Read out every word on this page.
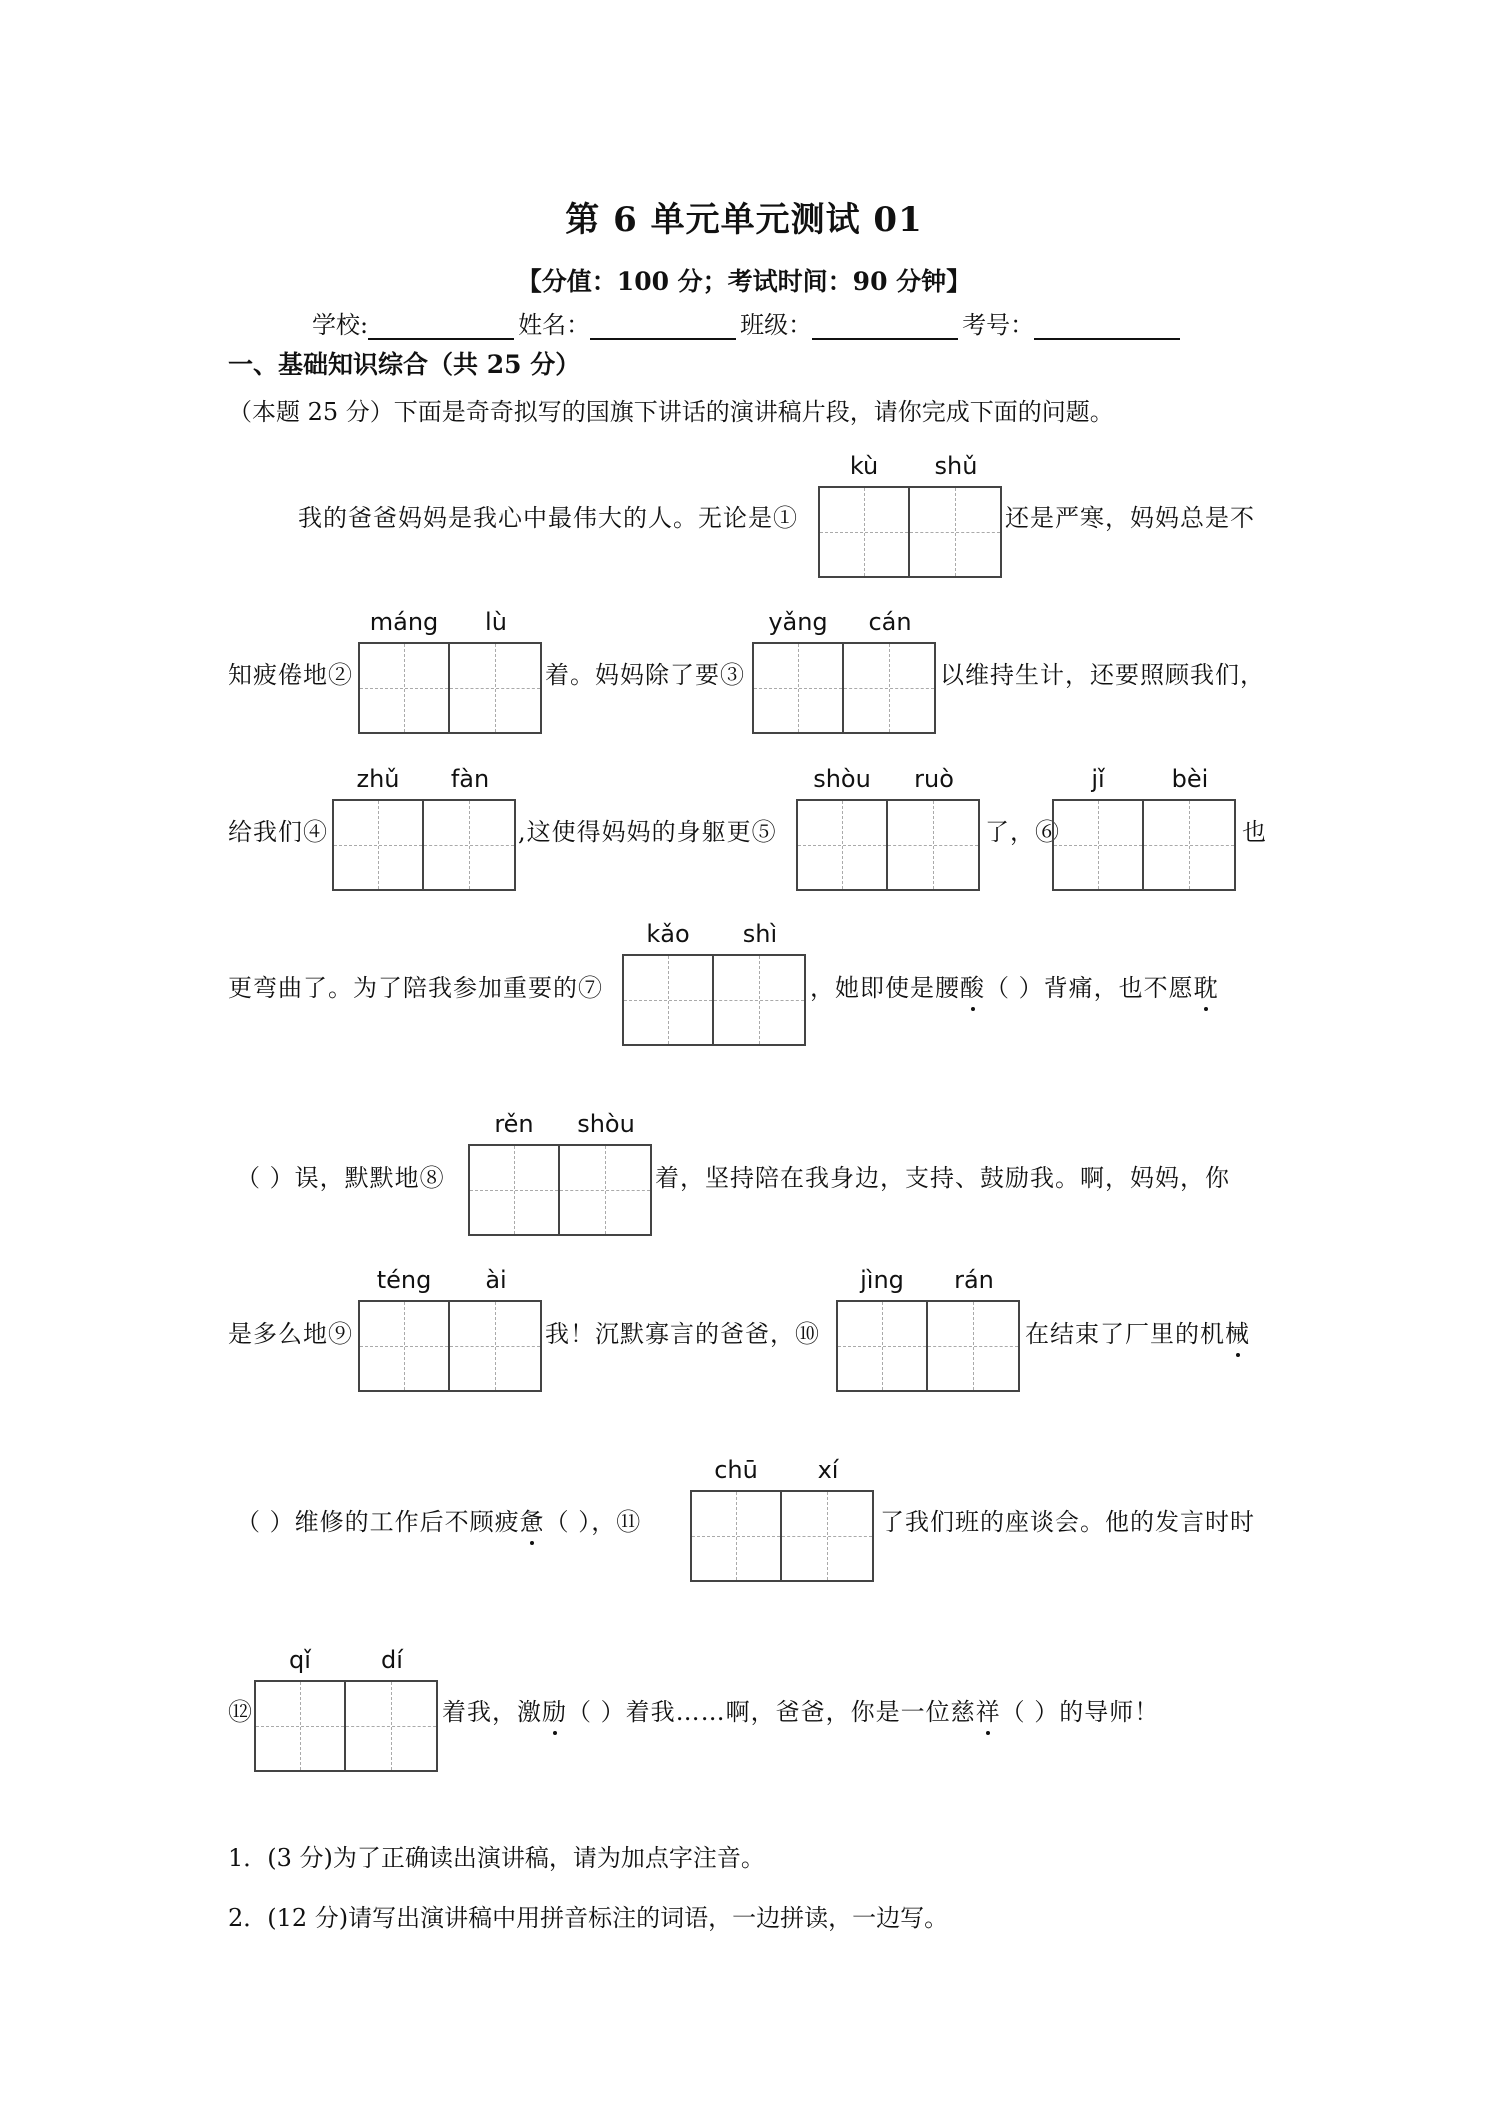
第 6 单元单元测试 01
【分值：100 分；考试时间：90 分钟】
学校:	姓名：	班级：	考号：
一、基础知识综合（共 25 分）
（本题 25 分）下面是奇奇拟写的国旗下讲话的演讲稿片段，请你完成下面的问题。
我的爸爸妈妈是我心中最伟大的人。无论是①
kù	shǔ
还是严寒，妈妈总是不
知疲倦地②
máng	lù
着。妈妈除了要③
yǎng	cán
以维持生计，还要照顾我们，
给我们④
zhǔ	fàn
,这使得妈妈的身躯更⑤
shòu	ruò
了，⑥
jǐ	bèi
也
更弯曲了。为了陪我参加重要的⑦
kǎo	shì
，她即使是腰酸（ ）背痛，也不愿耽
（ ）误，默默地⑧
rěn	shòu
着，坚持陪在我身边，支持、鼓励我。啊，妈妈，你
是多么地⑨
téng	ài
我！沉默寡言的爸爸，⑩
jìng	rán
在结束了厂里的机械
（ ）维修的工作后不顾疲惫（ ），⑪
chū	xí
了我们班的座谈会。他的发言时时
⑫
qǐ	dí
着我，激励（ ）着我……啊，爸爸，你是一位慈祥（ ）的导师！
1．(3 分)为了正确读出演讲稿，请为加点字注音。
2．(12 分)请写出演讲稿中用拼音标注的词语，一边拼读，一边写。
